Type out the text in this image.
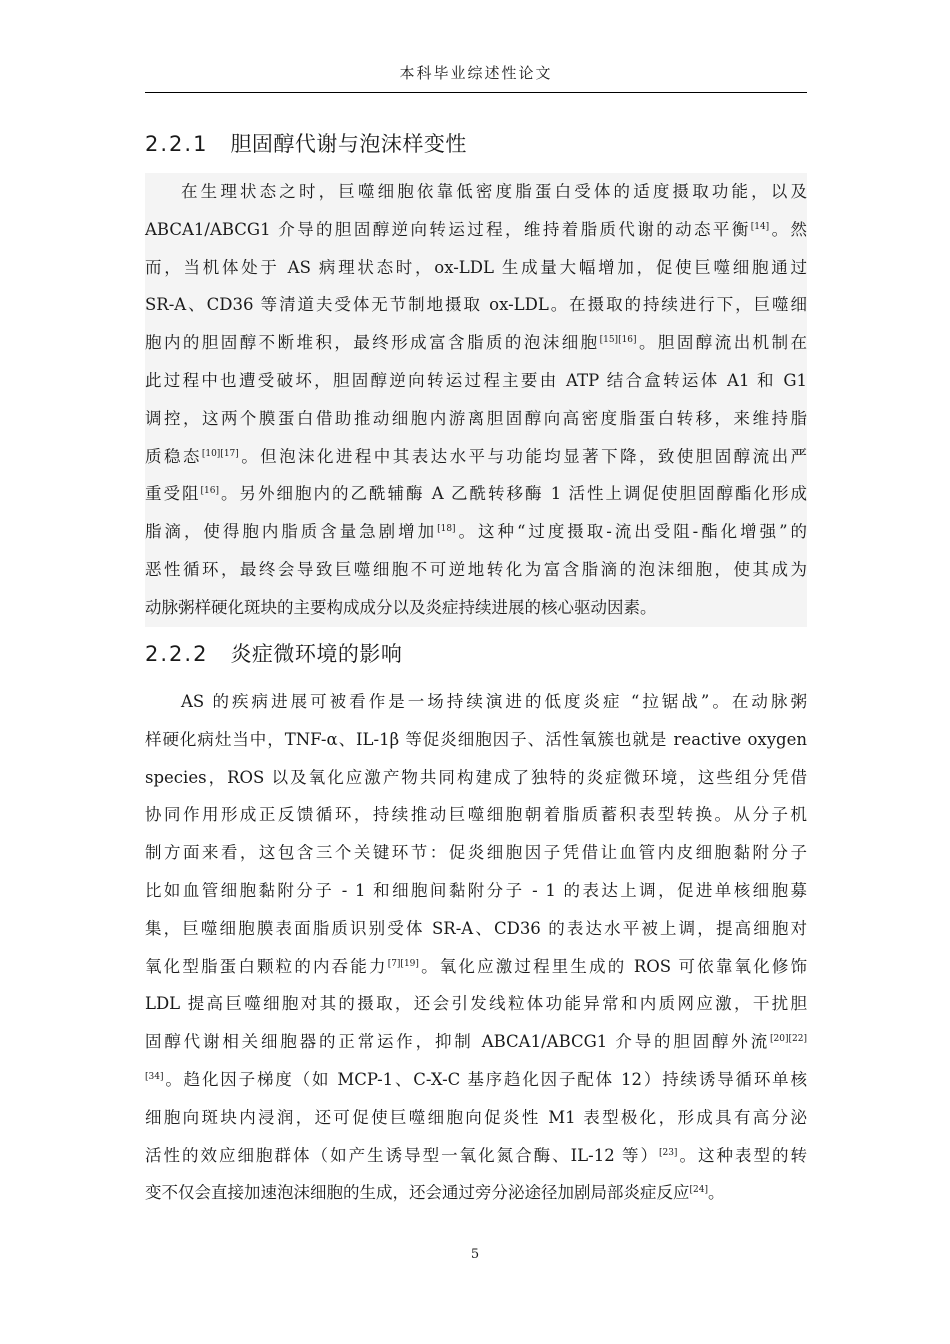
本科毕业综述性论文
2.2.1 胆固醇代谢与泡沫样变性
在生理状态之时，巨噬细胞依靠低密度脂蛋白受体的适度摄取功能，以及
ABCA1/ABCG1 介导的胆固醇逆向转运过程，维持着脂质代谢的动态平衡[14]。然
而，当机体处于 AS 病理状态时，ox-LDL 生成量大幅增加，促使巨噬细胞通过
SR-A、CD36 等清道夫受体无节制地摄取 ox-LDL。在摄取的持续进行下，巨噬细
胞内的胆固醇不断堆积，最终形成富含脂质的泡沫细胞[15][16]。胆固醇流出机制在
此过程中也遭受破坏，胆固醇逆向转运过程主要由 ATP 结合盒转运体 A1 和 G1
调控，这两个膜蛋白借助推动细胞内游离胆固醇向高密度脂蛋白转移，来维持脂
质稳态[10][17]。但泡沫化进程中其表达水平与功能均显著下降，致使胆固醇流出严
重受阻[16]。另外细胞内的乙酰辅酶 A 乙酰转移酶 1 活性上调促使胆固醇酯化形成
脂滴，使得胞内脂质含量急剧增加[18]。这种“过度摄取-流出受阻-酯化增强”的
恶性循环，最终会导致巨噬细胞不可逆地转化为富含脂滴的泡沫细胞，使其成为
动脉粥样硬化斑块的主要构成成分以及炎症持续进展的核心驱动因素。
2.2.2 炎症微环境的影响
AS 的疾病进展可被看作是一场持续演进的低度炎症 “拉锯战”。在动脉粥
样硬化病灶当中，TNF-α、IL-1β 等促炎细胞因子、活性氧簇也就是 reactive oxygen
species，ROS 以及氧化应激产物共同构建成了独特的炎症微环境，这些组分凭借
协同作用形成正反馈循环，持续推动巨噬细胞朝着脂质蓄积表型转换。从分子机
制方面来看，这包含三个关键环节：促炎细胞因子凭借让血管内皮细胞黏附分子
比如血管细胞黏附分子 - 1 和细胞间黏附分子 - 1 的表达上调，促进单核细胞募
集，巨噬细胞膜表面脂质识别受体 SR-A、CD36 的表达水平被上调，提高细胞对
氧化型脂蛋白颗粒的内吞能力[7][19]。氧化应激过程里生成的 ROS 可依靠氧化修饰
LDL 提高巨噬细胞对其的摄取，还会引发线粒体功能异常和内质网应激，干扰胆
固醇代谢相关细胞器的正常运作，抑制 ABCA1/ABCG1 介导的胆固醇外流[20][22]
[34]。趋化因子梯度（如 MCP-1、C-X-C 基序趋化因子配体 12）持续诱导循环单核
细胞向斑块内浸润，还可促使巨噬细胞向促炎性 M1 表型极化，形成具有高分泌
活性的效应细胞群体（如产生诱导型一氧化氮合酶、IL-12 等）[23]。这种表型的转
变不仅会直接加速泡沫细胞的生成，还会通过旁分泌途径加剧局部炎症反应[24]。
5
